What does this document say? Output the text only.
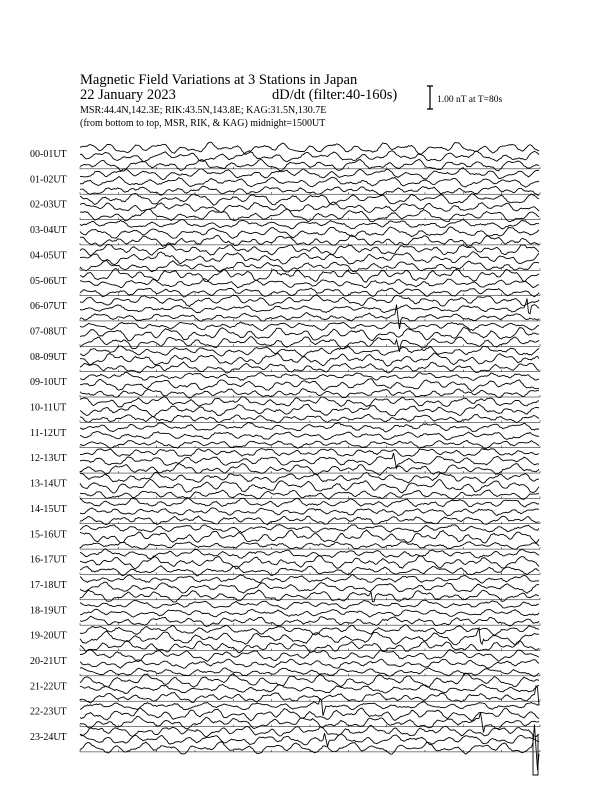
Magnetic Field Variations at 3 Stations in Japan
22 January 2023	dD/dt (filter:40-160s)
MSR:44.4N,142.3E; RIK:43.5N,143.8E; KAG:31.5N,130.7E
(from bottom to top, MSR, RIK, & KAG) midnight=1500UT
1.00 nT at T=80s
00-01UT
01-02UT
02-03UT
03-04UT
04-05UT
05-06UT
06-07UT
07-08UT
08-09UT
09-10UT
10-11UT
11-12UT
12-13UT
13-14UT
14-15UT
15-16UT
16-17UT
17-18UT
18-19UT
19-20UT
20-21UT
21-22UT
22-23UT
23-24UT
